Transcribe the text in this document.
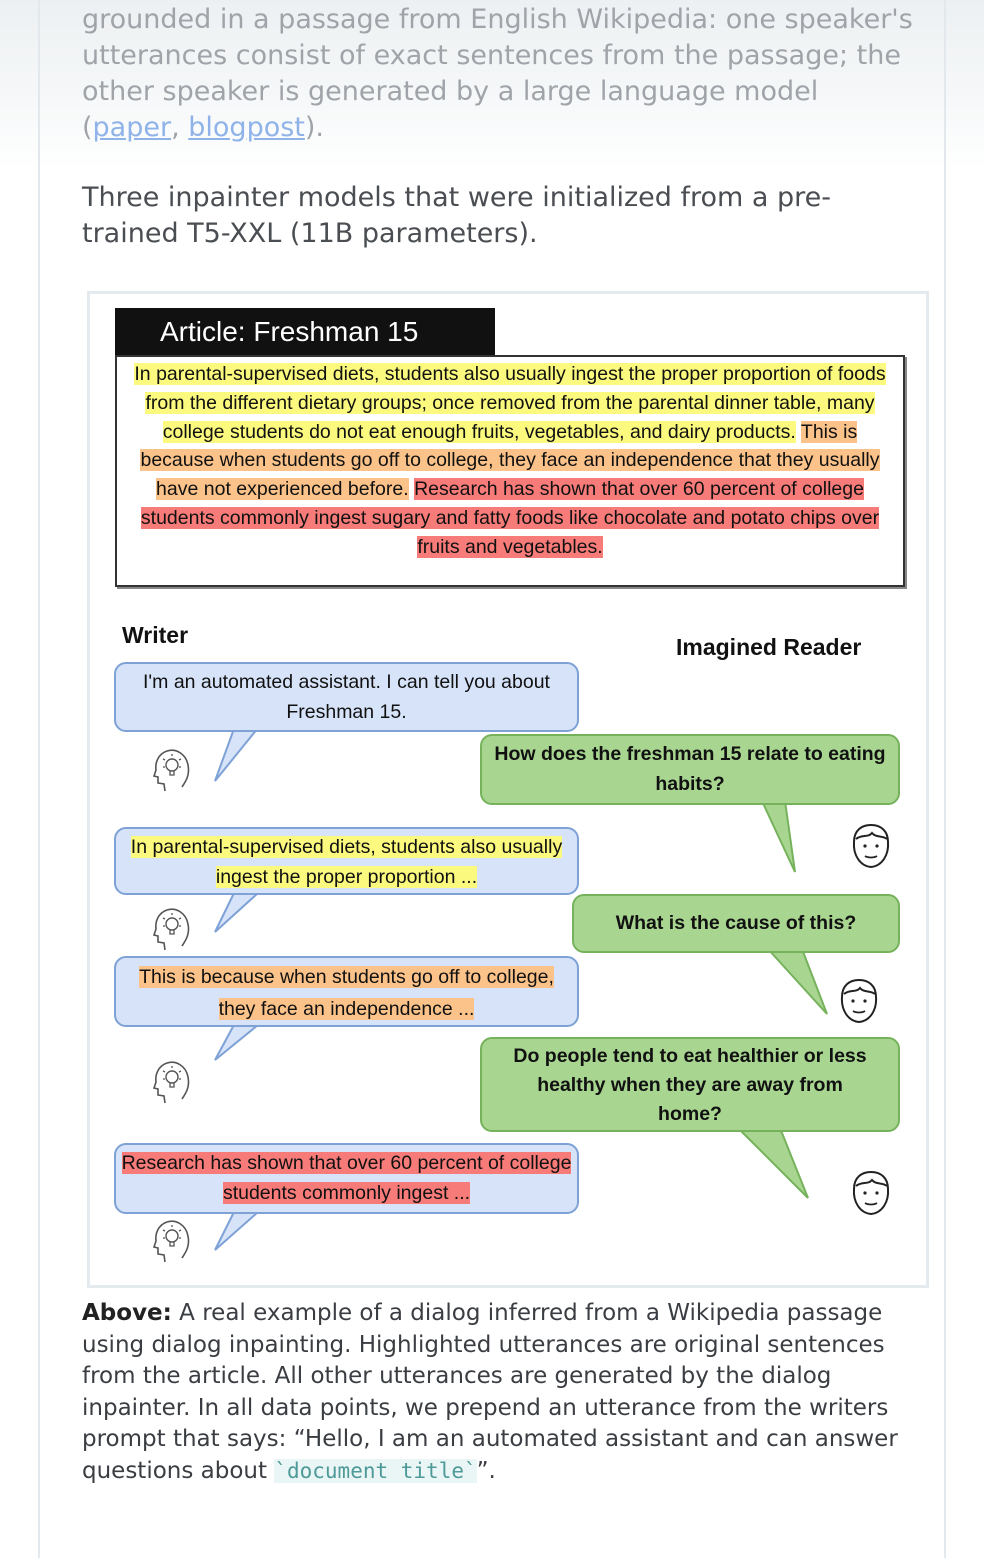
grounded in a passage from English Wikipedia: one speaker's utterances consist of exact sentences from the passage; the other speaker is generated by a large language model (paper, blogpost).

Three inpainter models that were initialized from a pre-trained T5-XXL (11B parameters).

Article: Freshman 15
In parental-supervised diets, students also usually ingest the proper proportion of foods from the different dietary groups; once removed from the parental dinner table, many college students do not eat enough fruits, vegetables, and dairy products. This is because when students go off to college, they face an independence that they usually have not experienced before. Research has shown that over 60 percent of college students commonly ingest sugary and fatty foods like chocolate and potato chips over fruits and vegetables.
Writer	Imagined Reader
I'm an automated assistant. I can tell you about Freshman 15.
In parental-supervised diets, students also usually ingest the proper proportion ...
This is because when students go off to college, they face an independence ...
Research has shown that over 60 percent of college students commonly ingest ...
How does the freshman 15 relate to eating habits?
What is the cause of this?
Do people tend to eat healthier or less healthy when they are away from home?

Above: A real example of a dialog inferred from a Wikipedia passage using dialog inpainting. Highlighted utterances are original sentences from the article. All other utterances are generated by the dialog inpainter. In all data points, we prepend an utterance from the writers prompt that says: “Hello, I am an automated assistant and can answer questions about `document title`”.
